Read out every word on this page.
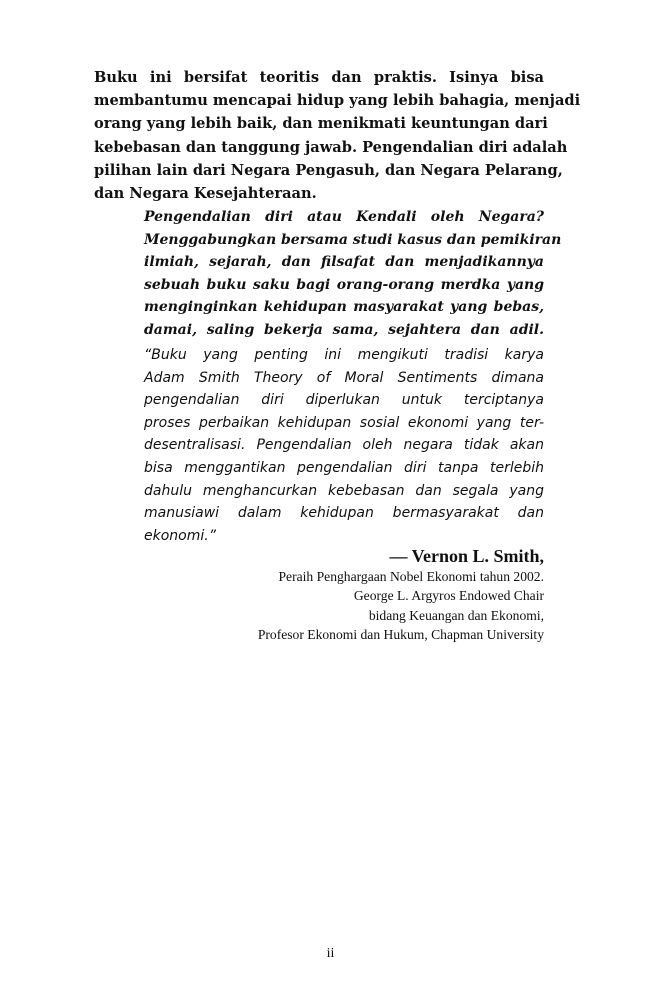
Buku ini bersifat teoritis dan praktis. Isinya bisa
membantumu mencapai hidup yang lebih bahagia, menjadi
orang yang lebih baik, dan menikmati keuntungan dari
kebebasan dan tanggung jawab. Pengendalian diri adalah
pilihan lain dari Negara Pengasuh, dan Negara Pelarang,
dan Negara Kesejahteraan.
Pengendalian diri atau Kendali oleh Negara?
Menggabungkan bersama studi kasus dan pemikiran
ilmiah, sejarah, dan filsafat dan menjadikannya
sebuah buku saku bagi orang-orang merdka yang
menginginkan kehidupan masyarakat yang bebas,
damai, saling bekerja sama, sejahtera dan adil.
“Buku yang penting ini mengikuti tradisi karya
Adam Smith Theory of Moral Sentiments dimana
pengendalian diri diperlukan untuk terciptanya
proses perbaikan kehidupan sosial ekonomi yang ter-
desentralisasi. Pengendalian oleh negara tidak akan
bisa menggantikan pengendalian diri tanpa terlebih
dahulu menghancurkan kebebasan dan segala yang
manusiawi dalam kehidupan bermasyarakat dan
ekonomi.”
— Vernon L. Smith,
Peraih Penghargaan Nobel Ekonomi tahun 2002.
George L. Argyros Endowed Chair
bidang Keuangan dan Ekonomi,
Profesor Ekonomi dan Hukum, Chapman University
ii
